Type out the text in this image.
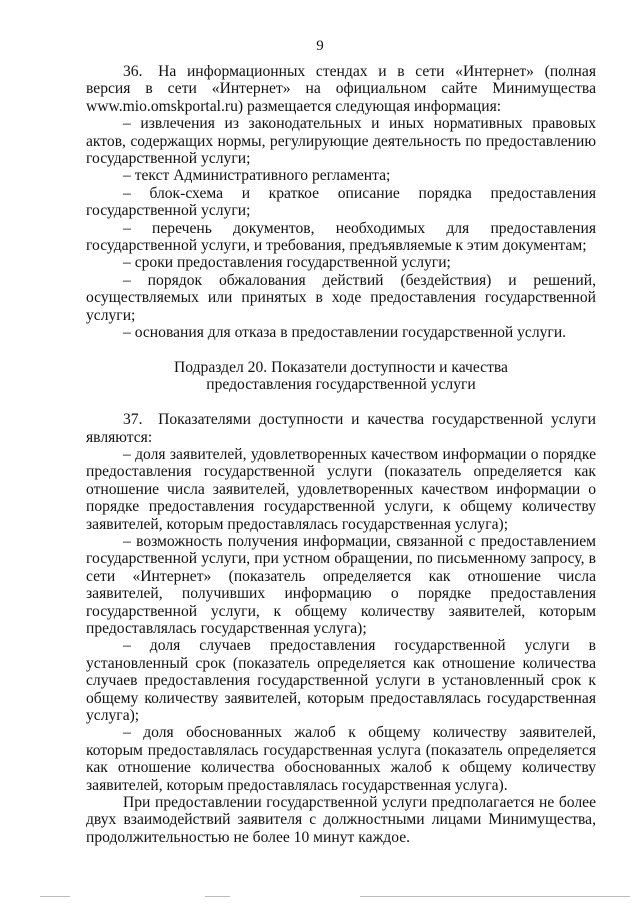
9

36. На информационных стендах и в сети «Интернет» (полная версия в сети «Интернет» на официальном сайте Минимущества www.mio.omskportal.ru) размещается следующая информация:

– извлечения из законодательных и иных нормативных правовых актов, содержащих нормы, регулирующие деятельность по предоставлению государственной услуги;

– текст Административного регламента;

– блок-схема и краткое описание порядка предоставления государственной услуги;

– перечень документов, необходимых для предоставления государственной услуги, и требования, предъявляемые к этим документам;

– сроки предоставления государственной услуги;

– порядок обжалования действий (бездействия) и решений, осуществляемых или принятых в ходе предоставления государственной услуги;

– основания для отказа в предоставлении государственной услуги.

Подраздел 20. Показатели доступности и качества

предоставления государственной услуги

37. Показателями доступности и качества государственной услуги являются:

– доля заявителей, удовлетворенных качеством информации о порядке предоставления государственной услуги (показатель определяется как отношение числа заявителей, удовлетворенных качеством информации о порядке предоставления государственной услуги, к общему количеству заявителей, которым предоставлялась государственная услуга);

– возможность получения информации, связанной с предоставлением государственной услуги, при устном обращении, по письменному запросу, в сети «Интернет» (показатель определяется как отношение числа заявителей, получивших информацию о порядке предоставления государственной услуги, к общему количеству заявителей, которым предоставлялась государственная услуга);

– доля случаев предоставления государственной услуги в установленный срок (показатель определяется как отношение количества случаев предоставления государственной услуги в установленный срок к общему количеству заявителей, которым предоставлялась государственная услуга);

– доля обоснованных жалоб к общему количеству заявителей, которым предоставлялась государственная услуга (показатель определяется как отношение количества обоснованных жалоб к общему количеству заявителей, которым предоставлялась государственная услуга).

При предоставлении государственной услуги предполагается не более двух взаимодействий заявителя с должностными лицами Минимущества, продолжительностью не более 10 минут каждое.
